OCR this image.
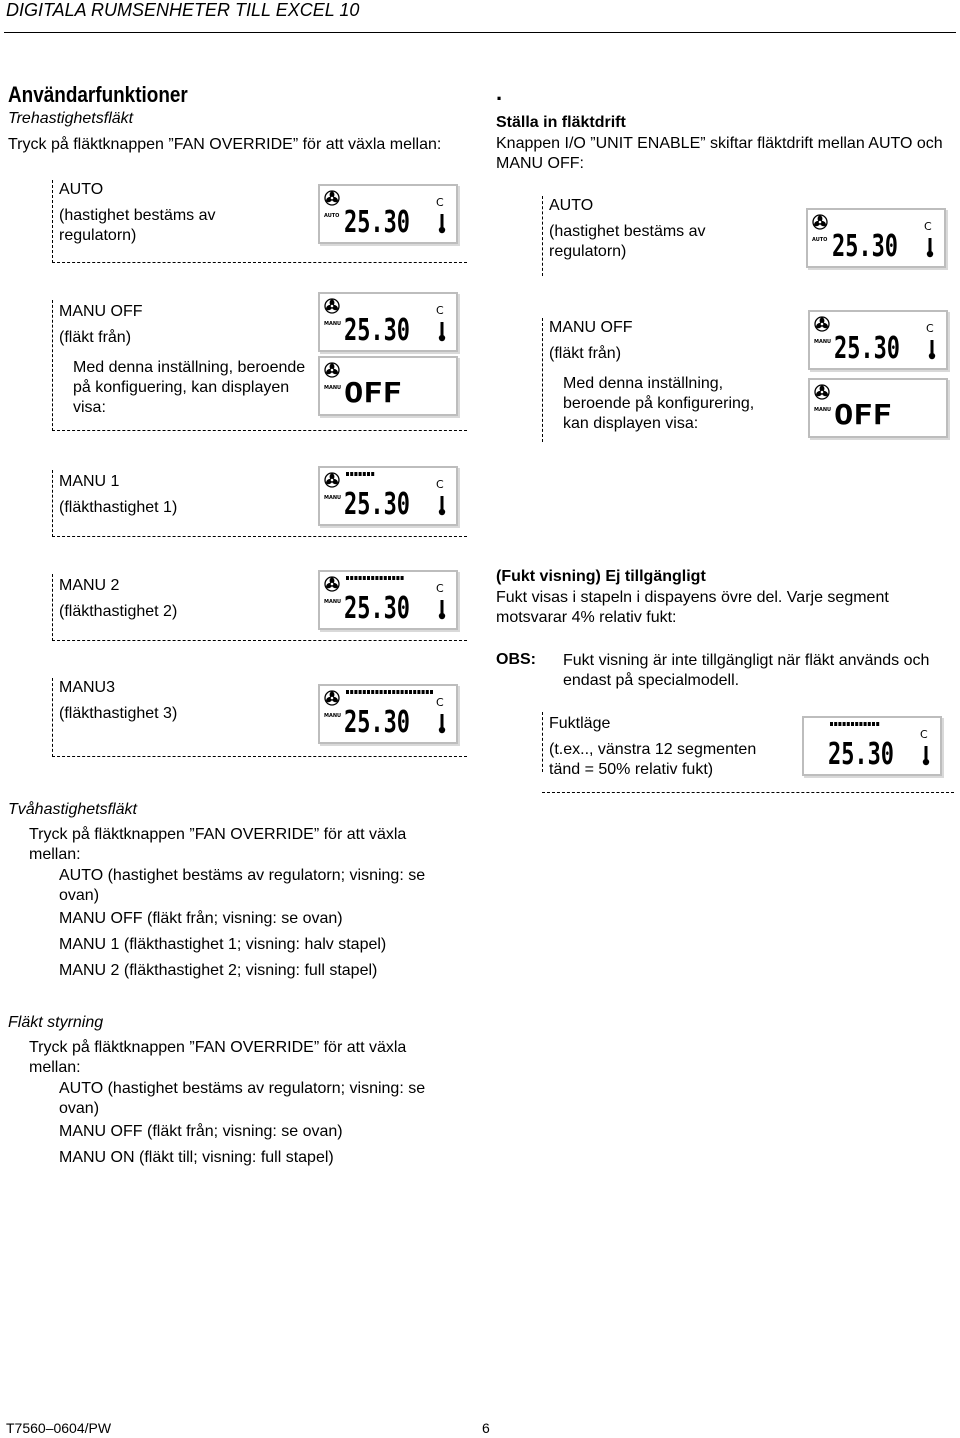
DIGITALA RUMSENHETER TILL EXCEL 10
Användarfunktioner
Trehastighetsfläkt
Tryck på fläktknappen ”FAN OVERRIDE” för att växla mellan:
AUTO
(hastighet bestäms av regulatorn)
AUTO 25.30
C
MANU OFF
(fläkt från)
Med denna inställning, beroende på konfiguering, kan displayen visa:
MANU 25.30
C
MANU OFF
MANU 1
(fläkthastighet 1)
MANU 25.30
C
MANU 2
(fläkthastighet 2)
MANU 25.30
C
MANU3
(fläkthastighet 3)	MANU 25.30
C
.
Ställa in fläktdrift
Knappen I/O ”UNIT ENABLE” skiftar fläktdrift mellan AUTO och MANU OFF:
AUTO
(hastighet bestäms av regulatorn)
AUTO 25.30
C
MANU OFF
(fläkt från)
Med denna inställning, beroende på konfigurering, kan displayen visa:
MANU 25.30
C
MANU OFF
(Fukt visning) Ej tillgängligt
Fukt visas i stapeln i dispayens övre del. Varje segment motsvarar 4% relativ fukt:
OBS: Fukt visning är inte tillgängligt när fläkt används och endast på specialmodell.
Fuktläge
(t.ex.., vänstra 12 segmenten tänd = 50% relativ fukt)	25.30
C
Tvåhastighetsfläkt
Tryck på fläktknappen ”FAN OVERRIDE” för att växla mellan:
AUTO (hastighet bestäms av regulatorn; visning: se ovan)
MANU OFF (fläkt från; visning: se ovan)
MANU 1 (fläkthastighet 1; visning: halv stapel)
MANU 2 (fläkthastighet 2; visning: full stapel)
Fläkt styrning
Tryck på fläktknappen ”FAN OVERRIDE” för att växla mellan:
AUTO (hastighet bestäms av regulatorn; visning: se ovan)
MANU OFF (fläkt från; visning: se ovan)
MANU ON (fläkt till; visning: full stapel)
T7560–0604/PW	6
